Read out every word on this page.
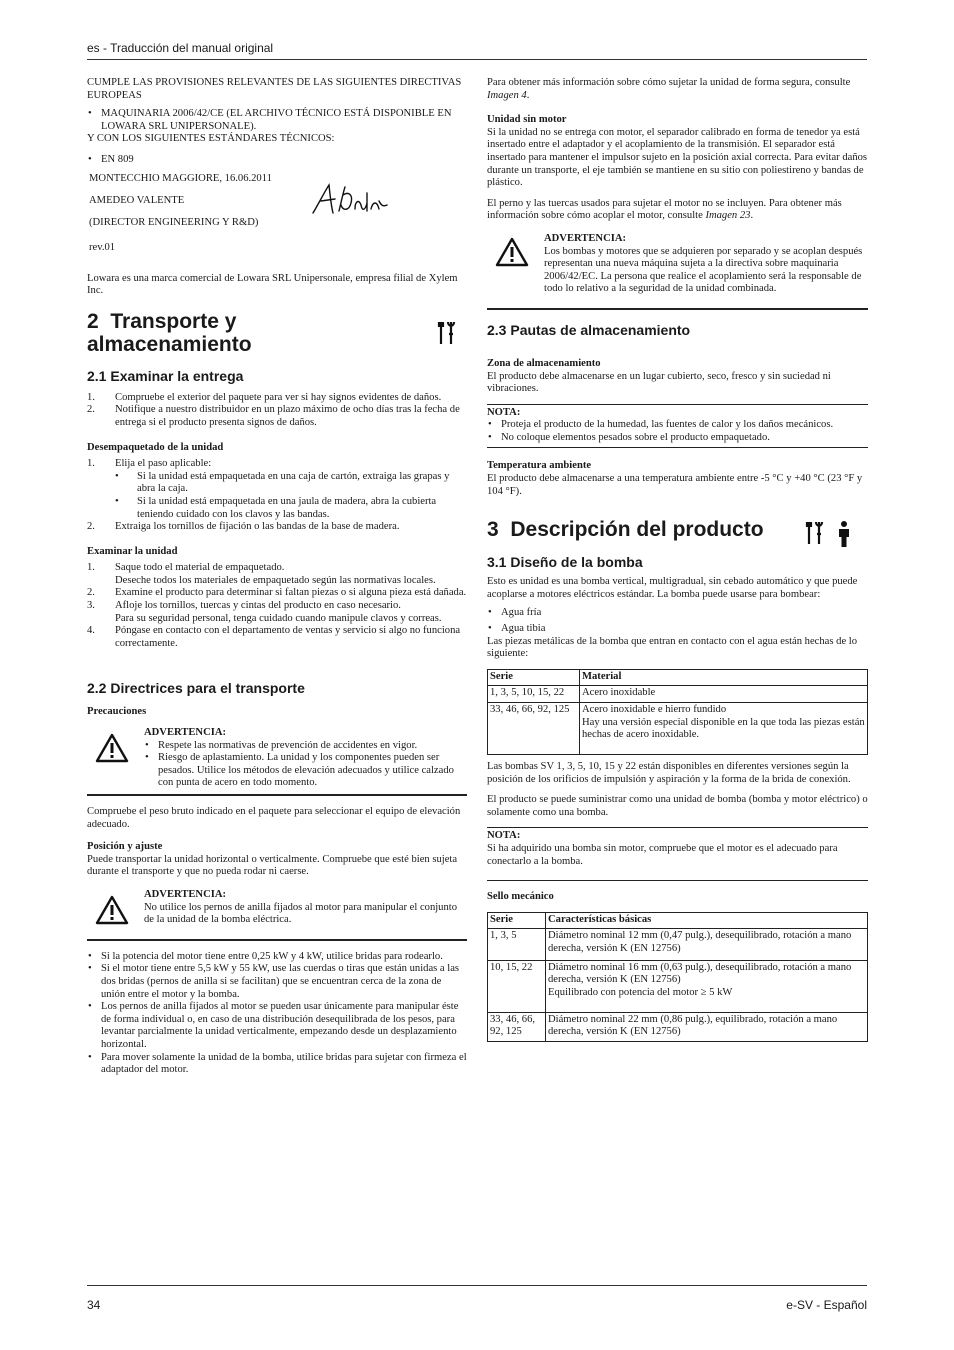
es - Traducción del manual original

CUMPLE LAS PROVISIONES RELEVANTES DE LAS SIGUIENTES DIRECTIVAS EUROPEAS

• MAQUINARIA 2006/42/CE (EL ARCHIVO TÉCNICO ESTÁ DISPONIBLE EN LOWARA SRL UNIPERSONALE).

Y CON LOS SIGUIENTES ESTÁNDARES TÉCNICOS:

• EN 809

MONTECCHIO MAGGIORE, 16.06.2011

AMEDEO VALENTE

(DIRECTOR ENGINEERING Y R&D)

rev.01

Lowara es una marca comercial de Lowara SRL Unipersonale, empresa filial de Xylem Inc.

2 Transporte y
almacenamiento
2.1 Examinar la entrega
1. Compruebe el exterior del paquete para ver si hay signos evidentes de daños.
2. Notifique a nuestro distribuidor en un plazo máximo de ocho días tras la fecha de entrega si el producto presenta signos de daños.

Desempaquetado de la unidad

1. Elija el paso aplicable:
• Si la unidad está empaquetada en una caja de cartón, extraiga las grapas y abra la caja.
• Si la unidad está empaquetada en una jaula de madera, abra la cubierta teniendo cuidado con los clavos y las bandas.
2. Extraiga los tornillos de fijación o las bandas de la base de madera.

Examinar la unidad

1. Saque todo el material de empaquetado.
Deseche todos los materiales de empaquetado según las normativas locales.
2. Examine el producto para determinar si faltan piezas o si alguna pieza está dañada.
3. Afloje los tornillos, tuercas y cintas del producto en caso necesario.
Para su seguridad personal, tenga cuidado cuando manipule clavos y correas.
4. Póngase en contacto con el departamento de ventas y servicio si algo no funciona correctamente.
2.2 Directrices para el transporte

Precauciones

ADVERTENCIA:

• Respete las normativas de prevención de accidentes en vigor.
• Riesgo de aplastamiento. La unidad y los componentes pueden ser pesados. Utilice los métodos de elevación adecuados y utilice calzado con punta de acero en todo momento.

Compruebe el peso bruto indicado en el paquete para seleccionar el equipo de elevación adecuado.

Posición y ajuste

Puede transportar la unidad horizontal o verticalmente. Compruebe que esté bien sujeta durante el transporte y que no pueda rodar ni caerse.

ADVERTENCIA:

No utilice los pernos de anilla fijados al motor para manipular el conjunto de la unidad de la bomba eléctrica.

• Si la potencia del motor tiene entre 0,25 kW y 4 kW, utilice bridas para rodearlo.
• Si el motor tiene entre 5,5 kW y 55 kW, use las cuerdas o tiras que están unidas a las dos bridas (pernos de anilla si se facilitan) que se encuentran cerca de la zona de unión entre el motor y la bomba.
• Los pernos de anilla fijados al motor se pueden usar únicamente para manipular éste de forma individual o, en caso de una distribución desequilibrada de los pesos, para levantar parcialmente la unidad verticalmente, empezando desde un desplazamiento horizontal.
• Para mover solamente la unidad de la bomba, utilice bridas para sujetar con firmeza el adaptador del motor.

Para obtener más información sobre cómo sujetar la unidad de forma segura, consulte Imagen 4.

Unidad sin motor

Si la unidad no se entrega con motor, el separador calibrado en forma de tenedor ya está insertado entre el adaptador y el acoplamiento de la transmisión. El separador está insertado para mantener el impulsor sujeto en la posición axial correcta. Para evitar daños durante un transporte, el eje también se mantiene en su sitio con poliestireno y bandas de plástico.

El perno y las tuercas usados para sujetar el motor no se incluyen. Para obtener más información sobre cómo acoplar el motor, consulte Imagen 23.

ADVERTENCIA:

Los bombas y motores que se adquieren por separado y se acoplan después representan una nueva máquina sujeta a la directiva sobre maquinaria 2006/42/EC. La persona que realice el acoplamiento será la responsable de todo lo relativo a la seguridad de la unidad combinada.

2.3 Pautas de almacenamiento

Zona de almacenamiento

El producto debe almacenarse en un lugar cubierto, seco, fresco y sin suciedad ni vibraciones.

NOTA:

• Proteja el producto de la humedad, las fuentes de calor y los daños mecánicos.
• No coloque elementos pesados sobre el producto empaquetado.

Temperatura ambiente

El producto debe almacenarse a una temperatura ambiente entre -5 °C y +40 °C (23 °F y 104 °F).

3 Descripción del producto
3.1 Diseño de la bomba

Esto es unidad es una bomba vertical, multigradual, sin cebado automático y que puede acoplarse a motores eléctricos estándar. La bomba puede usarse para bombear:

• Agua fría
• Agua tibia

Las piezas metálicas de la bomba que entran en contacto con el agua están hechas de lo siguiente:

Serie	Material
1, 3, 5, 10, 15, 22	Acero inoxidable
33, 46, 66, 92, 125	Acero inoxidable e hierro fundido
Hay una versión especial disponible en la que toda las piezas están hechas de acero inoxidable.

Las bombas SV 1, 3, 5, 10, 15 y 22 están disponibles en diferentes versiones según la posición de los orificios de impulsión y aspiración y la forma de la brida de conexión.

El producto se puede suministrar como una unidad de bomba (bomba y motor eléctrico) o solamente como una bomba.

NOTA:

Si ha adquirido una bomba sin motor, compruebe que el motor es el adecuado para conectarlo a la bomba.

Sello mecánico

Serie	Características básicas
1, 3, 5	Diámetro nominal 12 mm (0,47 pulg.), desequilibrado, rotación a mano derecha, versión K (EN 12756)
10, 15, 22	Diámetro nominal 16 mm (0,63 pulg.), desequilibrado, rotación a mano derecha, versión K (EN 12756)
Equilibrado con potencia del motor ≥ 5 kW
33, 46, 66, 92, 125	Diámetro nominal 22 mm (0,86 pulg.), equilibrado, rotación a mano derecha, versión K (EN 12756)
34	e-SV - Español
